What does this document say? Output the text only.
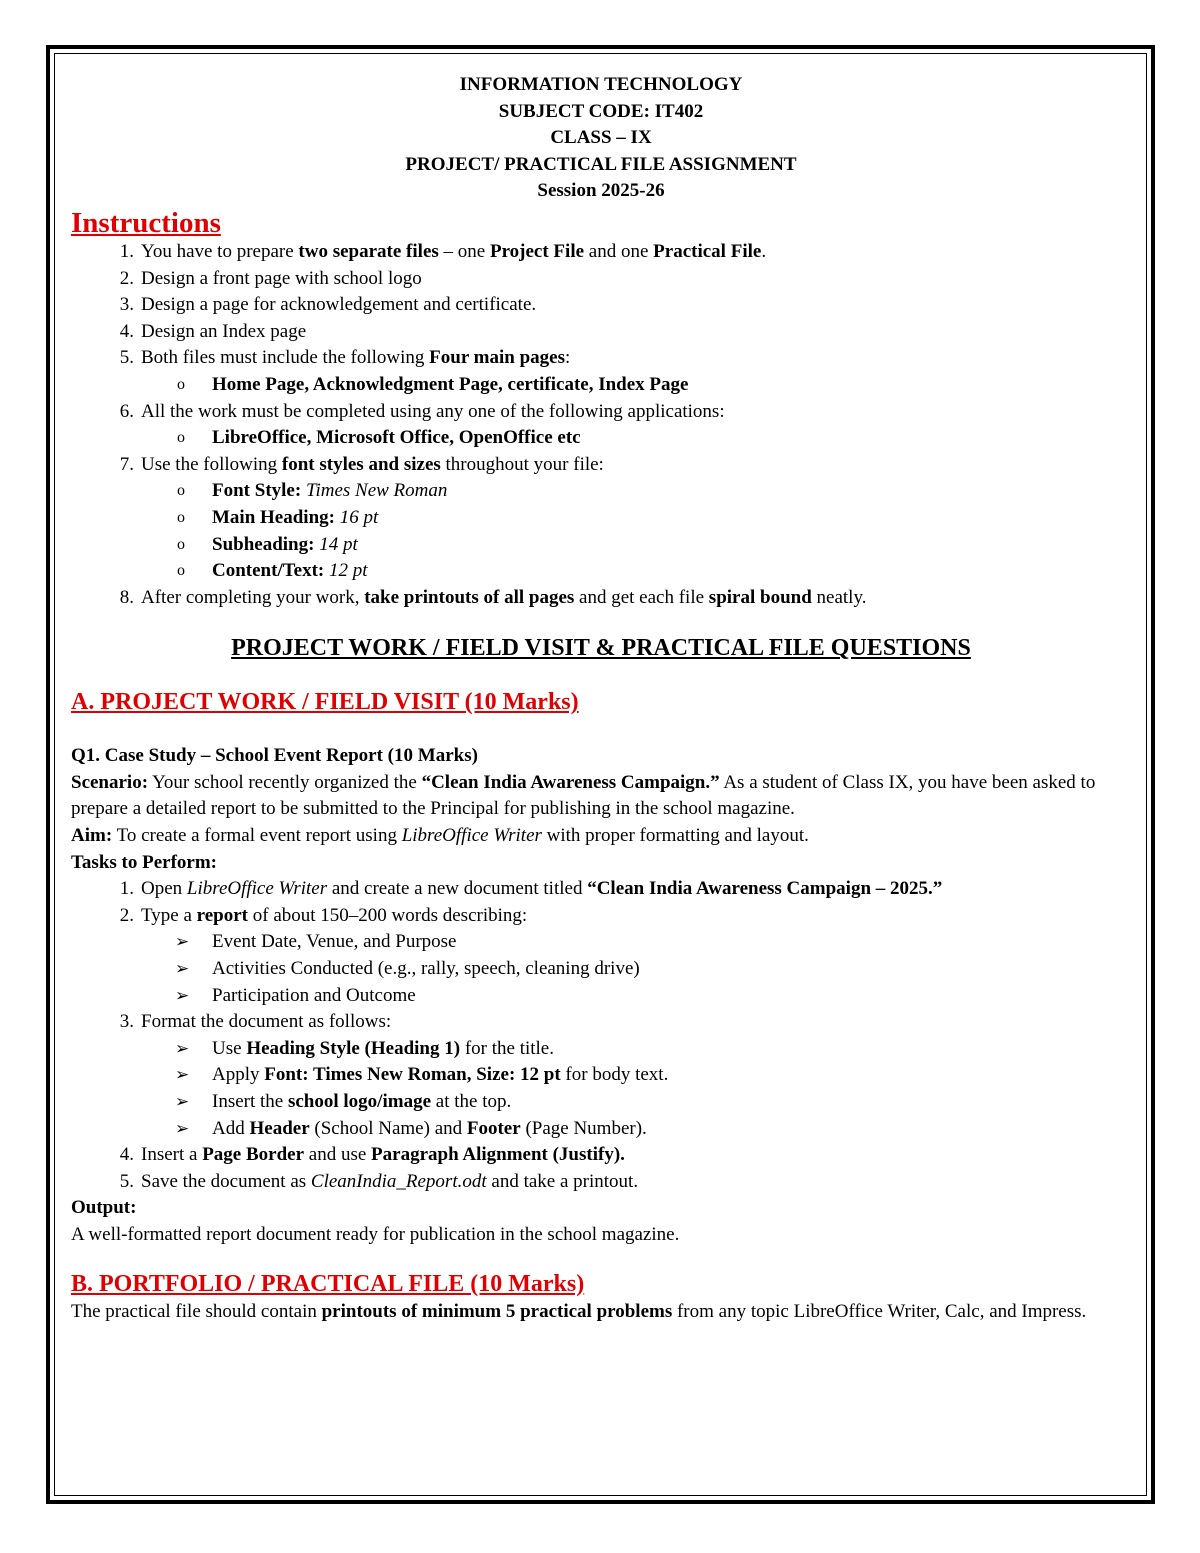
INFORMATION TECHNOLOGY
SUBJECT CODE: IT402
CLASS – IX
PROJECT/ PRACTICAL FILE ASSIGNMENT
Session 2025-26
Instructions
1. You have to prepare two separate files – one Project File and one Practical File.
2. Design a front page with school logo
3. Design a page for acknowledgement and certificate.
4. Design an Index page
5. Both files must include the following Four main pages:
o Home Page, Acknowledgment Page, certificate, Index Page
6. All the work must be completed using any one of the following applications:
o LibreOffice, Microsoft Office, OpenOffice etc
7. Use the following font styles and sizes throughout your file:
o Font Style: Times New Roman
o Main Heading: 16 pt
o Subheading: 14 pt
o Content/Text: 12 pt
8. After completing your work, take printouts of all pages and get each file spiral bound neatly.
PROJECT WORK / FIELD VISIT & PRACTICAL FILE QUESTIONS
A. PROJECT WORK / FIELD VISIT (10 Marks)

Q1. Case Study – School Event Report (10 Marks)

Scenario: Your school recently organized the “Clean India Awareness Campaign.” As a student of Class IX, you have been asked to prepare a detailed report to be submitted to the Principal for publishing in the school magazine.

Aim: To create a formal event report using LibreOffice Writer with proper formatting and layout.

Tasks to Perform:

1. Open LibreOffice Writer and create a new document titled “Clean India Awareness Campaign – 2025.”
2. Type a report of about 150–200 words describing:
➢ Event Date, Venue, and Purpose
➢ Activities Conducted (e.g., rally, speech, cleaning drive)
➢ Participation and Outcome
3. Format the document as follows:
➢ Use Heading Style (Heading 1) for the title.
➢ Apply Font: Times New Roman, Size: 12 pt for body text.
➢ Insert the school logo/image at the top.
➢ Add Header (School Name) and Footer (Page Number).
4. Insert a Page Border and use Paragraph Alignment (Justify).
5. Save the document as CleanIndia_Report.odt and take a printout.

Output:

A well-formatted report document ready for publication in the school magazine.

B. PORTFOLIO / PRACTICAL FILE (10 Marks)

The practical file should contain printouts of minimum 5 practical problems from any topic LibreOffice Writer, Calc, and Impress.
